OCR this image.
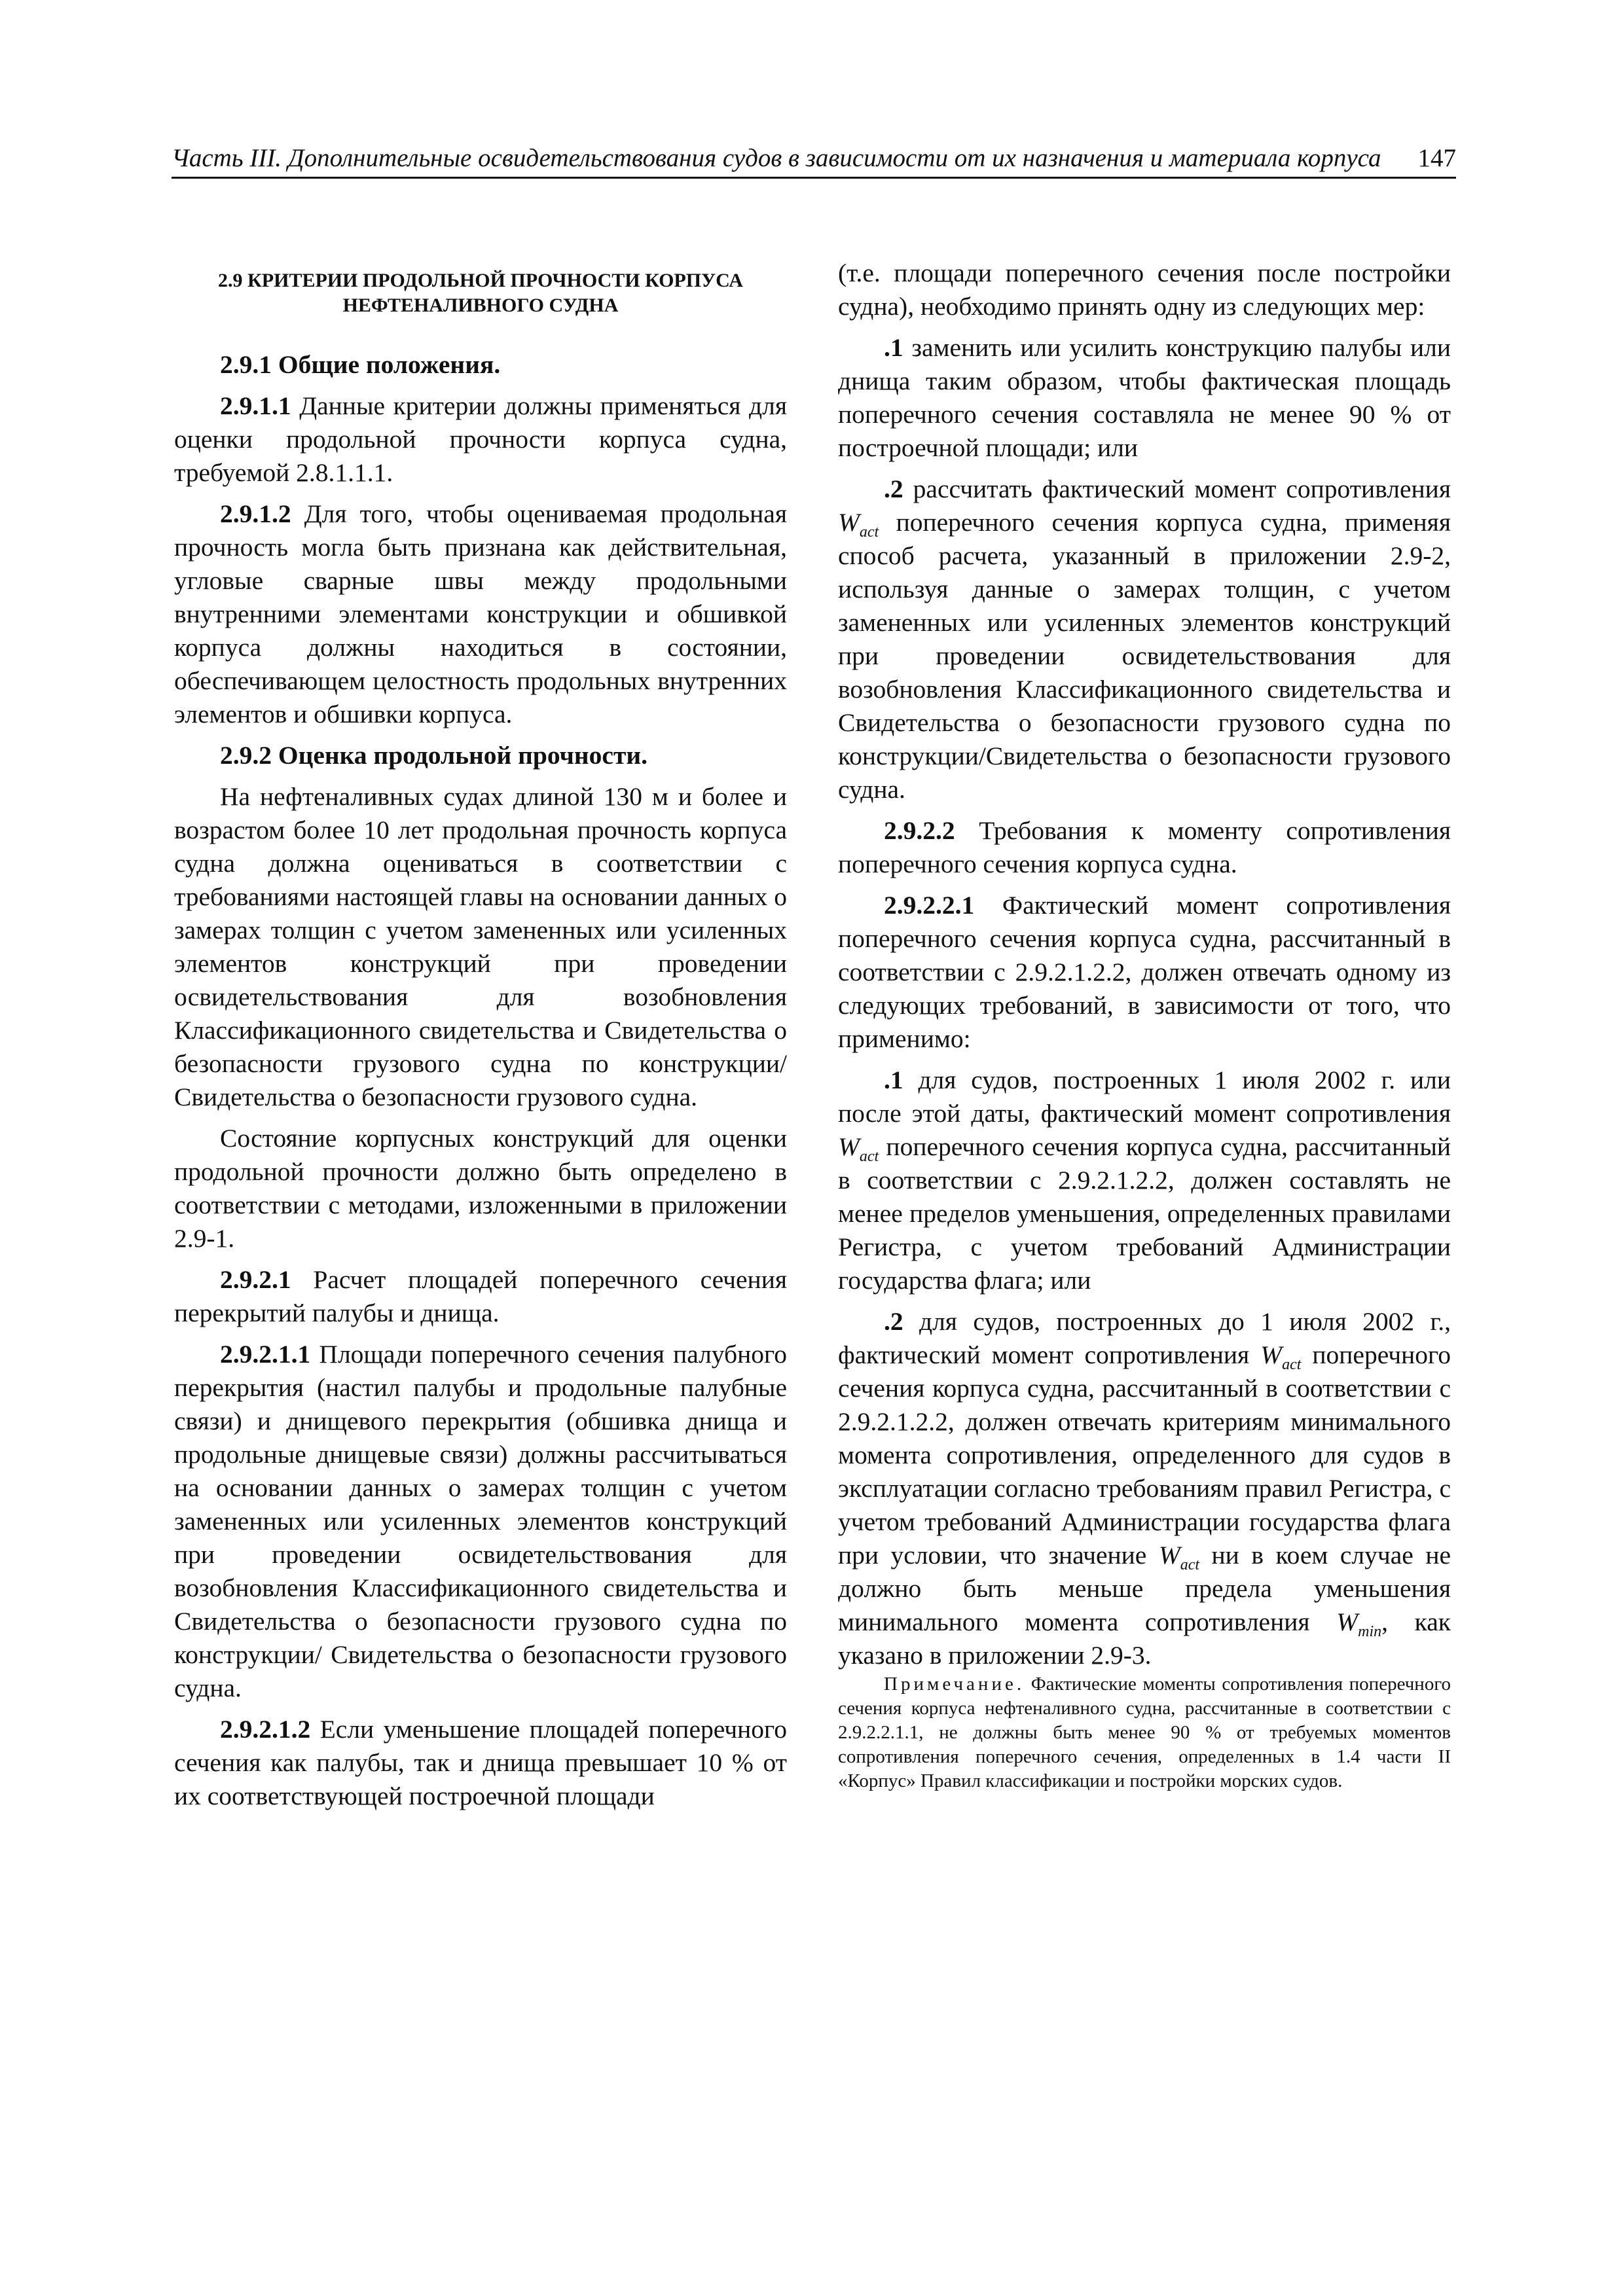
Часть III. Дополнительные освидетельствования судов в зависимости от их назначения и материала корпуса 147
2.9 КРИТЕРИИ ПРОДОЛЬНОЙ ПРОЧНОСТИ КОРПУСА
НЕФТЕНАЛИВНОГО СУДНА

2.9.1 Общие положения.

2.9.1.1 Данные критерии должны применяться для оценки продольной прочности корпуса судна, требуемой 2.8.1.1.1.

2.9.1.2 Для того, чтобы оцениваемая продольная прочность могла быть признана как действительная, угловые сварные швы между продольными внутренними элементами конструкции и обшивкой корпуса должны находиться в состоянии, обеспечивающем целостность продольных внутренних элементов и обшивки корпуса.

2.9.2 Оценка продольной прочности.

На нефтеналивных судах длиной 130 м и более и возрастом более 10 лет продольная прочность корпуса судна должна оцениваться в соответствии с требованиями настоящей главы на основании данных о замерах толщин с учетом замененных или усиленных элементов конструкций при проведении освидетельствования для возобновления Классификационного свидетельства и Свидетельства о безопасности грузового судна по конструкции/ Свидетельства о безопасности грузового судна.

Состояние корпусных конструкций для оценки продольной прочности должно быть определено в соответствии с методами, изложенными в приложении 2.9-1.

2.9.2.1 Расчет площадей поперечного сечения перекрытий палубы и днища.

2.9.2.1.1 Площади поперечного сечения палубного перекрытия (настил палубы и продольные палубные связи) и днищевого перекрытия (обшивка днища и продольные днищевые связи) должны рассчитываться на основании данных о замерах толщин с учетом замененных или усиленных элементов конструкций при проведении освидетельствования для возобновления Классификационного свидетельства и Свидетельства о безопасности грузового судна по конструкции/ Свидетельства о безопасности грузового судна.

2.9.2.1.2 Если уменьшение площадей поперечного сечения как палубы, так и днища превышает 10 % от их соответствующей построечной площади

(т.е. площади поперечного сечения после постройки судна), необходимо принять одну из следующих мер:

.1 заменить или усилить конструкцию палубы или днища таким образом, чтобы фактическая площадь поперечного сечения составляла не менее 90 % от построечной площади; или

.2 рассчитать фактический момент сопротивления $W_{act}$ поперечного сечения корпуса судна, применяя способ расчета, указанный в приложении 2.9-2, используя данные о замерах толщин, с учетом замененных или усиленных элементов конструкций при проведении освидетельствования для возобновления Классификационного свидетельства и Свидетельства о безопасности грузового судна по конструкции/Свидетельства о безопасности грузового судна.

2.9.2.2 Требования к моменту сопротивления поперечного сечения корпуса судна.

2.9.2.2.1 Фактический момент сопротивления поперечного сечения корпуса судна, рассчитанный в соответствии с 2.9.2.1.2.2, должен отвечать одному из следующих требований, в зависимости от того, что применимо:

.1 для судов, построенных 1 июля 2002 г. или после этой даты, фактический момент сопротивления $W_{act}$ поперечного сечения корпуса судна, рассчитанный в соответствии с 2.9.2.1.2.2, должен составлять не менее пределов уменьшения, определенных правилами Регистра, с учетом требований Администрации государства флага; или

.2 для судов, построенных до 1 июля 2002 г., фактический момент сопротивления $W_{act}$ поперечного сечения корпуса судна, рассчитанный в соответствии с 2.9.2.1.2.2, должен отвечать критериям минимального момента сопротивления, определенного для судов в эксплуатации согласно требованиям правил Регистра, с учетом требований Администрации государства флага при условии, что значение $W_{act}$ ни в коем случае не должно быть меньше предела уменьшения минимального момента сопротивления $W_{min}$, как указано в приложении 2.9-3.

Примечание. Фактические моменты сопротивления поперечного сечения корпуса нефтеналивного судна, рассчитанные в соответствии с 2.9.2.2.1.1, не должны быть менее 90 % от требуемых моментов сопротивления поперечного сечения, определенных в 1.4 части II «Корпус» Правил классификации и постройки морских судов.
